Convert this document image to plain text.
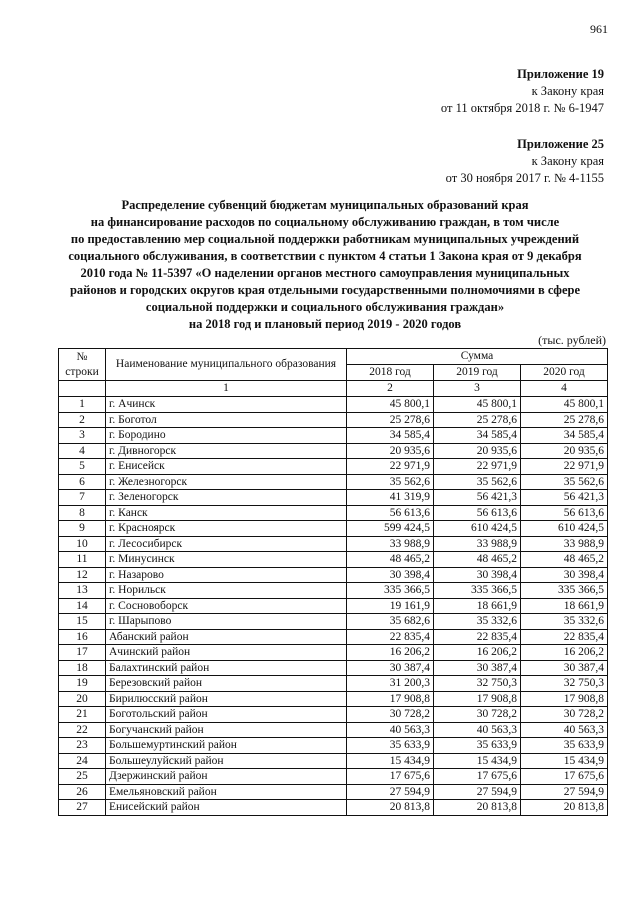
961
Приложение 19
к Закону края
от 11 октября 2018 г. № 6-1947
Приложение 25
к Закону края
от 30 ноября 2017 г. № 4-1155
Распределение субвенций бюджетам муниципальных образований края
на финансирование расходов по социальному обслуживанию граждан, в том числе
по предоставлению мер социальной поддержки работникам муниципальных учреждений
социального обслуживания, в соответствии с пунктом 4 статьи 1 Закона края от 9 декабря
2010 года № 11-5397 «О наделении органов местного самоуправления муниципальных
районов и городских округов края отдельными государственными полномочиями в сфере
социальной поддержки и социального обслуживания граждан»
на 2018 год и плановый период 2019 - 2020 годов
(тыс. рублей)
№ строки	Наименование муниципального образования	Сумма		
		2018 год	2019 год	2020 год
	1	2	3	4
1	г. Ачинск	45 800,1	45 800,1	45 800,1
2	г. Боготол	25 278,6	25 278,6	25 278,6
3	г. Бородино	34 585,4	34 585,4	34 585,4
4	г. Дивногорск	20 935,6	20 935,6	20 935,6
5	г. Енисейск	22 971,9	22 971,9	22 971,9
6	г. Железногорск	35 562,6	35 562,6	35 562,6
7	г. Зеленогорск	41 319,9	56 421,3	56 421,3
8	г. Канск	56 613,6	56 613,6	56 613,6
9	г. Красноярск	599 424,5	610 424,5	610 424,5
10	г. Лесосибирск	33 988,9	33 988,9	33 988,9
11	г. Минусинск	48 465,2	48 465,2	48 465,2
12	г. Назарово	30 398,4	30 398,4	30 398,4
13	г. Норильск	335 366,5	335 366,5	335 366,5
14	г. Сосновоборск	19 161,9	18 661,9	18 661,9
15	г. Шарыпово	35 682,6	35 332,6	35 332,6
16	Абанский район	22 835,4	22 835,4	22 835,4
17	Ачинский район	16 206,2	16 206,2	16 206,2
18	Балахтинский район	30 387,4	30 387,4	30 387,4
19	Березовский район	31 200,3	32 750,3	32 750,3
20	Бирилюсский район	17 908,8	17 908,8	17 908,8
21	Боготольский район	30 728,2	30 728,2	30 728,2
22	Богучанский район	40 563,3	40 563,3	40 563,3
23	Большемуртинский район	35 633,9	35 633,9	35 633,9
24	Большеулуйский район	15 434,9	15 434,9	15 434,9
25	Дзержинский район	17 675,6	17 675,6	17 675,6
26	Емельяновский район	27 594,9	27 594,9	27 594,9
27	Енисейский район	20 813,8	20 813,8	20 813,8
